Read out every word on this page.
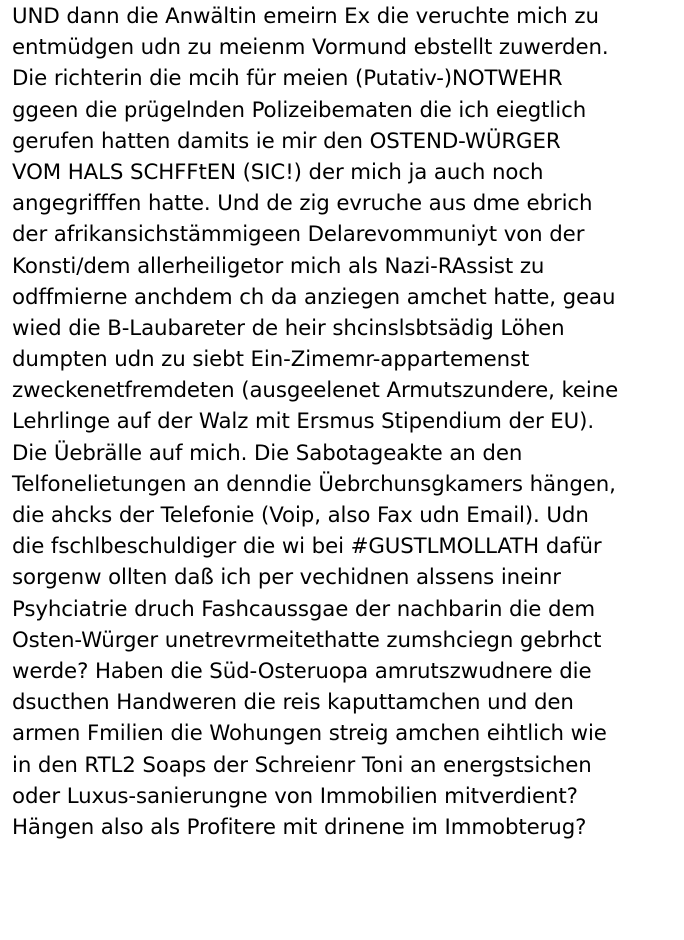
UND dann die Anwältin emeirn Ex die veruchte mich zu
entmüdgen udn zu meienm Vormund ebstellt zuwerden.
Die richterin die mcih für meien (Putativ-)NOTWEHR
ggeen die prügelnden Polizeibematen die ich eiegtlich
gerufen hatten damits ie mir den OSTEND-WÜRGER
VOM HALS SCHFFtEN (SIC!) der mich ja auch noch
angegrifffen hatte. Und de zig evruche aus dme ebrich
der afrikansichstämmigeen Delarevommuniyt von der
Konsti/dem allerheiligetor mich als Nazi-RAssist zu
odffmierne anchdem ch da anziegen amchet hatte, geau
wied die B-Laubareter de heir shcinslsbtsädig Löhen
dumpten udn zu siebt Ein-Zimemr-appartemenst
zweckenetfremdeten (ausgeelenet Armutszundere, keine
Lehrlinge auf der Walz mit Ersmus Stipendium der EU).
Die Üebrälle auf mich. Die Sabotageakte an den
Telfonelietungen an denndie Üebrchunsgkamers hängen,
die ahcks der Telefonie (Voip, also Fax udn Email). Udn
die fschlbeschuldiger die wi bei #GUSTLMOLLATH dafür
sorgenw ollten daß ich per vechidnen alssens ineinr
Psyhciatrie druch Fashcaussgae der nachbarin die dem
Osten-Würger unetrevrmeitethatte zumshciegn gebrhct
werde? Haben die Süd-Osteruopa amrutszwudnere die
dsucthen Handweren die reis kaputtamchen und den
armen Fmilien die Wohungen streig amchen eihtlich wie
in den RTL2 Soaps der Schreienr Toni an energstsichen
oder Luxus-sanierungne von Immobilien mitverdient?
Hängen also als Profitere mit drinene im Immobterug?
